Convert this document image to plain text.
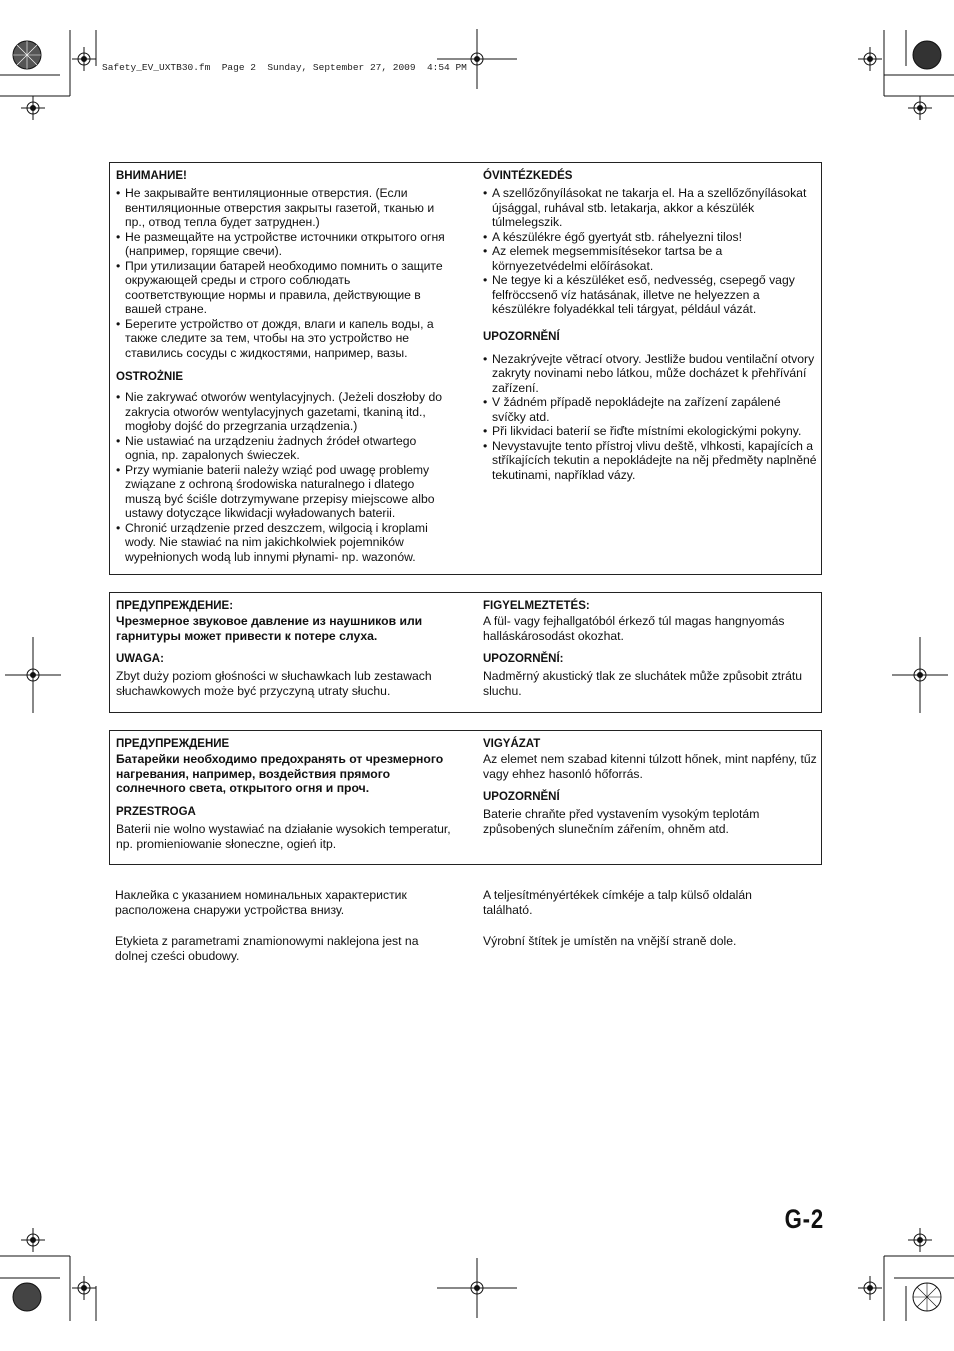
Safety_EV_UXTB30.fm  Page 2  Sunday, September 27, 2009  4:54 PM
ВНИМАНИЕ!
• Не закрывайте вентиляционные отверстия. (Если вентиляционные отверстия закрыты газетой, тканью и пр., отвод тепла будет затруднен.)
• Не размещайте на устройстве источники открытого огня (например, горящие свечи).
• При утилизации батарей необходимо помнить о защите окружающей среды и строго соблюдать соответствующие нормы и правила, действующие в вашей стране.
• Берегите устройство от дождя, влаги и капель воды, а также следите за тем, чтобы на это устройство не ставились сосуды с жидкостями, например, вазы.
OSTROŻNIE
• Nie zakrywać otworów wentylacyjnych. (Jeżeli doszłoby do zakrycia otworów wentylacyjnych gazetami, tkaniną itd., mogłoby dojść do przegrzania urządzenia.)
• Nie ustawiać na urządzeniu żadnych źródeł otwartego ognia, np. zapalonych świeczek.
• Przy wymianie baterii należy wziąć pod uwagę problemy związane z ochroną środowiska naturalnego i dlatego muszą być ściśle dotrzymywane przepisy miejscowe albo ustawy dotyczące likwidacji wyładowanych baterii.
• Chronić urządzenie przed deszczem, wilgocią i kroplami wody. Nie stawiać na nim jakichkolwiek pojemników wypełnionych wodą lub innymi płynami- np. wazonów.
ÓVINTÉZKEDÉS
• A szellőzőnyílásokat ne takarja el. Ha a szellőzőnyílásokat újsággal, ruhával stb. letakarja, akkor a készülék túlmelegszik.
• A készülékre égő gyertyát stb. ráhelyezni tilos!
• Az elemek megsemmisítésekor tartsa be a környezetvédelmi előírásokat.
• Ne tegye ki a készüléket eső, nedvesség, csepegő vagy felfröccsenő víz hatásának, illetve ne helyezzen a készülékre folyadékkal teli tárgyat, például vázát.
UPOZORNĚNÍ
• Nezakrývejte větrací otvory. Jestliže budou ventilační otvory zakryty novinami nebo látkou, může docházet k přehřívání zařízení.
• V žádném případě nepokládejte na zařízení zapálené svíčky atd.
• Při likvidaci baterií se řiďte místními ekologickými pokyny.
• Nevystavujte tento přístroj vlivu deště, vlhkosti, kapajících a stříkajících tekutin a nepokládejte na něj předměty naplněné tekutinami, například vázy.
ПРЕДУПРЕЖДЕНИЕ:
Чрезмерное звуковое давление из наушников или гарнитуры может привести к потере слуха.
UWAGA:
Zbyt duży poziom głośności w słuchawkach lub zestawach słuchawkowych może być przyczyną utraty słuchu.
FIGYELMEZTETÉS:
A fül- vagy fejhallgatóból érkező túl magas hangnyomás halláskárosodást okozhat.
UPOZORNĚNÍ:
Nadměrný akustický tlak ze sluchátek může způsobit ztrátu sluchu.
ПРЕДУПРЕЖДЕНИЕ
Батарейки необходимо предохранять от чрезмерного нагревания, например, воздействия прямого солнечного света, открытого огня и проч.
PRZESTROGA
Baterii nie wolno wystawiać na działanie wysokich temperatur, np. promieniowanie słoneczne, ogień itp.
VIGYÁZAT
Az elemet nem szabad kitenni túlzott hőnek, mint napfény, tűz vagy ehhez hasonló hőforrás.
UPOZORNĚNÍ
Baterie chraňte před vystavením vysokým teplotám způsobených slunečním zářením, ohněm atd.
Наклейка с указанием номинальных характеристик расположена снаружи устройства внизу.
Etykieta z parametrami znamionowymi naklejona jest na dolnej cześci obudowy.
A teljesítményértékek címkéje a talp külső oldalán található.
Výrobní štítek je umístěn na vnější straně dole.
G-2
